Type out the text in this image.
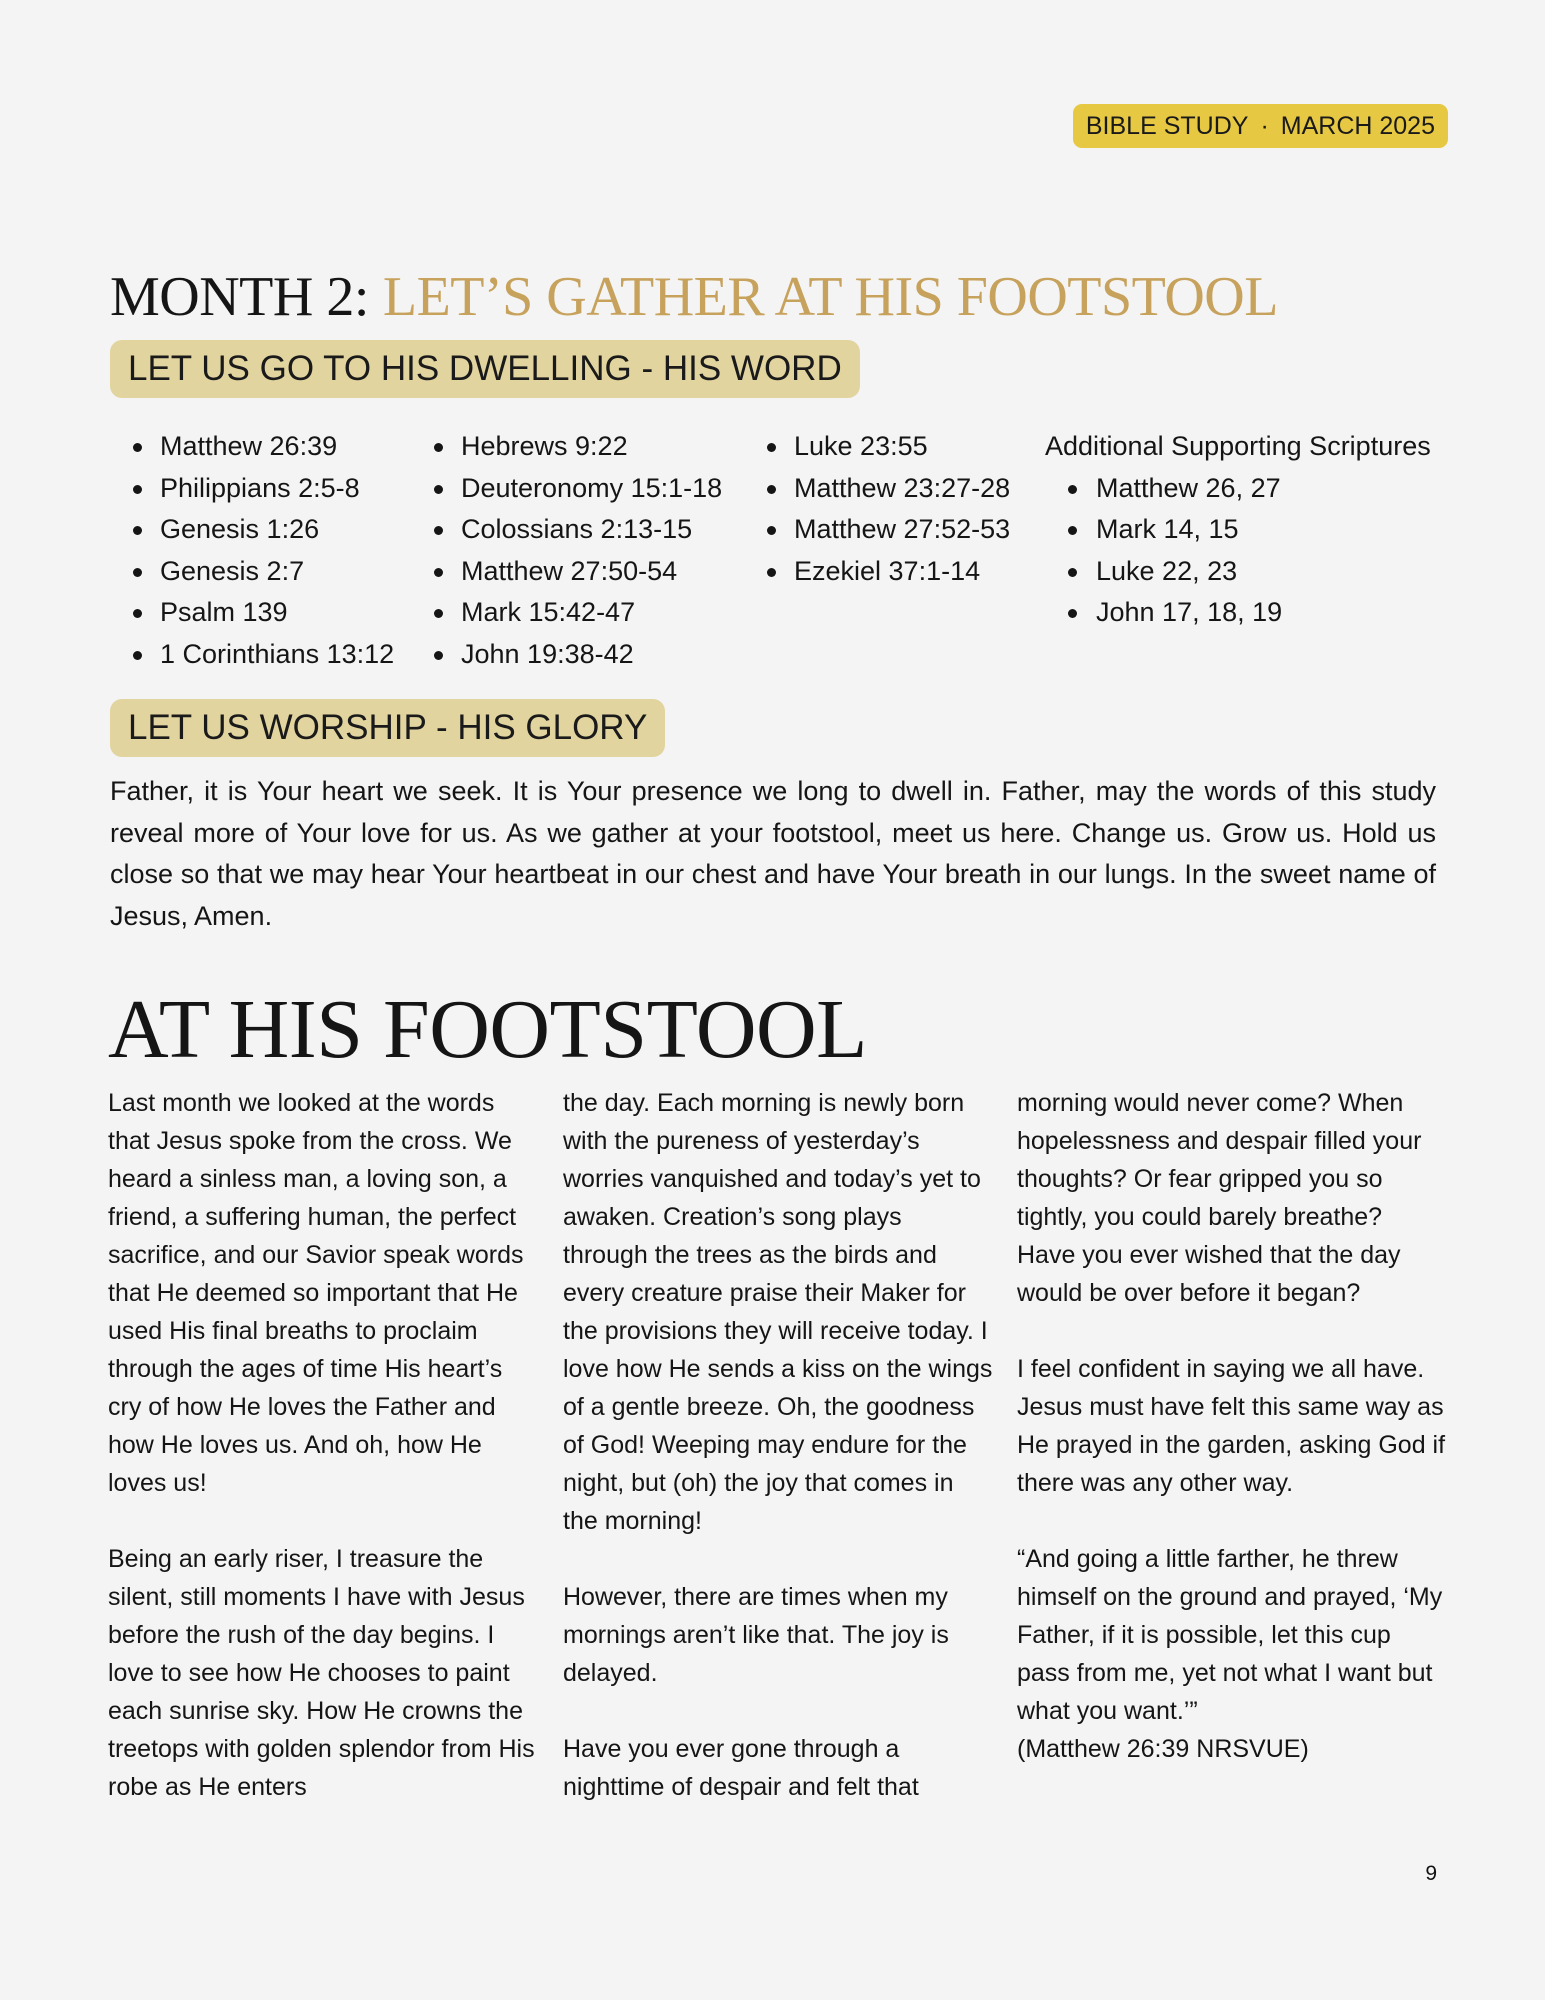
BIBLE STUDY · MARCH 2025
MONTH 2: LET’S GATHER AT HIS FOOTSTOOL
LET US GO TO HIS DWELLING - HIS WORD
Matthew 26:39
Philippians 2:5-8
Genesis 1:26
Genesis 2:7
Psalm 139
1 Corinthians 13:12
Hebrews 9:22
Deuteronomy 15:1-18
Colossians 2:13-15
Matthew 27:50-54
Mark 15:42-47
John 19:38-42
Luke 23:55
Matthew 23:27-28
Matthew 27:52-53
Ezekiel 37:1-14
Additional Supporting Scriptures
Matthew 26, 27
Mark 14, 15
Luke 22, 23
John 17, 18, 19
LET US WORSHIP - HIS GLORY

Father, it is Your heart we seek. It is Your presence we long to dwell in. Father, may the words of this study reveal more of Your love for us. As we gather at your footstool, meet us here. Change us. Grow us. Hold us close so that we may hear Your heartbeat in our chest and have Your breath in our lungs. In the sweet name of Jesus, Amen.

AT HIS FOOTSTOOL

Last month we looked at the words that Jesus spoke from the cross. We heard a sinless man, a loving son, a friend, a suffering human, the perfect sacrifice, and our Savior speak words that He deemed so important that He used His final breaths to proclaim through the ages of time His heart’s cry of how He loves the Father and how He loves us. And oh, how He loves us!

Being an early riser, I treasure the silent, still moments I have with Jesus before the rush of the day begins. I love to see how He chooses to paint each sunrise sky. How He crowns the treetops with golden splendor from His robe as He enters

the day. Each morning is newly born with the pureness of yesterday’s worries vanquished and today’s yet to awaken. Creation’s song plays through the trees as the birds and every creature praise their Maker for the provisions they will receive today. I love how He sends a kiss on the wings of a gentle breeze. Oh, the goodness of God! Weeping may endure for the night, but (oh) the joy that comes in the morning!

However, there are times when my mornings aren’t like that. The joy is delayed.

Have you ever gone through a nighttime of despair and felt that

morning would never come? When hopelessness and despair filled your thoughts? Or fear gripped you so tightly, you could barely breathe? Have you ever wished that the day would be over before it began?

I feel confident in saying we all have. Jesus must have felt this same way as He prayed in the garden, asking God if there was any other way.

“And going a little farther, he threw himself on the ground and prayed, ‘My Father, if it is possible, let this cup pass from me, yet not what I want but what you want.’”
(Matthew 26:39 NRSVUE)

9
